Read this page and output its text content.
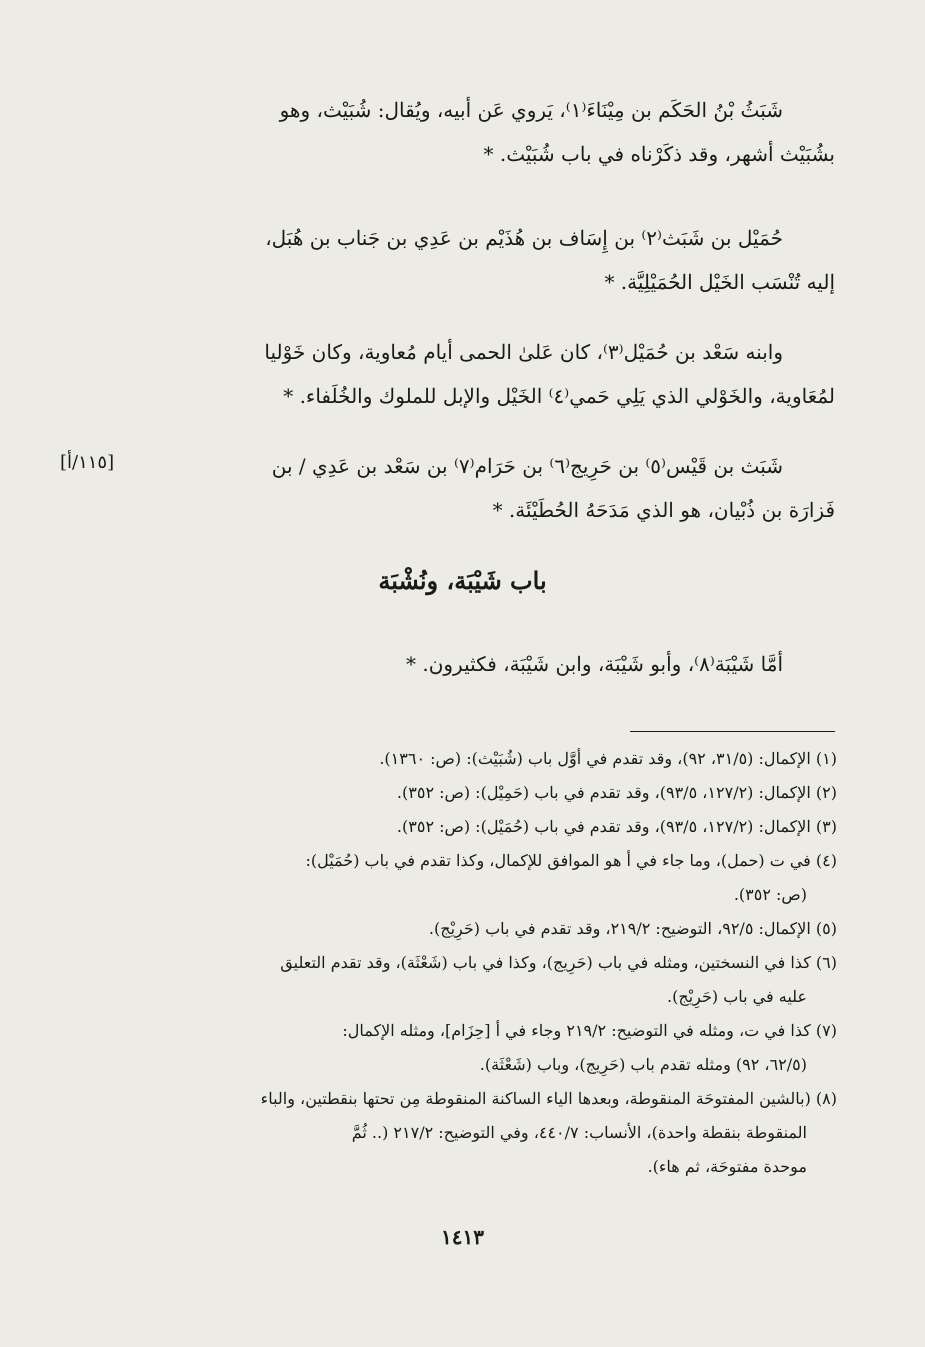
شَبَثُ بْنُ الحَكَم بن مِيْنَاءَ⁽١⁾، يَروي عَن أبيه، ويُقال: شُبَيْث، وهو
بشُبَيْث أشهر، وقد ذكَرْناه في باب شُبَيْث. *

حُمَيْل بن شَبَث⁽٢⁾ بن إِسَاف بن هُذَيْم بن عَدِي بن جَناب بن هُبَل،
إليه تُنْسَب الخَيْل الحُمَيْلِيَّة. *

وابنه سَعْد بن حُمَيْل⁽٣⁾، كان عَلىٰ الحمى أيام مُعاوية، وكان خَوْليا
لمُعَاوية، والخَوْلي الذي يَلِي حَمي⁽٤⁾ الخَيْل والإبل للملوك والخُلَفاء. *

شَبَث بن قَيْس⁽٥⁾ بن حَرِيج⁽٦⁾ بن حَرَام⁽٧⁾ بن سَعْد بن عَدِي / بن
فَزارَة بن ذُبْيان، هو الذي مَدَحَهُ الحُطَيْئَة. *

[١١٥/أ]
باب شَيْبَة، ونُشْبَة

أمَّا شَيْبَة⁽٨⁾، وأبو شَيْبَة، وابن شَيْبَة، فكثيرون. *

(١) الإكمال: (٣١/٥، ٩٢)، وقد تقدم في أوَّل باب (شُبَيْث): (ص: ١٣٦٠).
(٢) الإكمال: (١٢٧/٢، ٩٣/٥)، وقد تقدم في باب (حَمِيْل): (ص: ٣٥٢).
(٣) الإكمال: (١٢٧/٢، ٩٣/٥)، وقد تقدم في باب (حُمَيْل): (ص: ٣٥٢).
(٤) في ت (حمل)، وما جاء في أ هو الموافق للإكمال، وكذا تقدم في باب (حُمَيْل):
(ص: ٣٥٢).
(٥) الإكمال: ٩٢/٥، التوضيح: ٢١٩/٢، وقد تقدم في باب (حَرِيْج).
(٦) كذا في النسختين، ومثله في باب (حَرِيج)، وكذا في باب (شَعْثَة)، وقد تقدم التعليق
عليه في باب (حَرِيْج).
(٧) كذا في ت، ومثله في التوضيح: ٢١٩/٢ وجاء في أ [حِزَام]، ومثله الإكمال:
(٦٢/٥، ٩٢) ومثله تقدم باب (حَرِيج)، وباب (شَعْثَة).
(٨) (بالشين المفتوحَة المنقوطة، وبعدها الياء الساكنة المنقوطة مِن تحتها بنقطتين، والباء
المنقوطة بنقطة واحدة)، الأنساب: ٤٤٠/٧، وفي التوضيح: ٢١٧/٢ (.. ثُمَّ
موحدة مفتوحَة، ثم هاء).
١٤١٣
